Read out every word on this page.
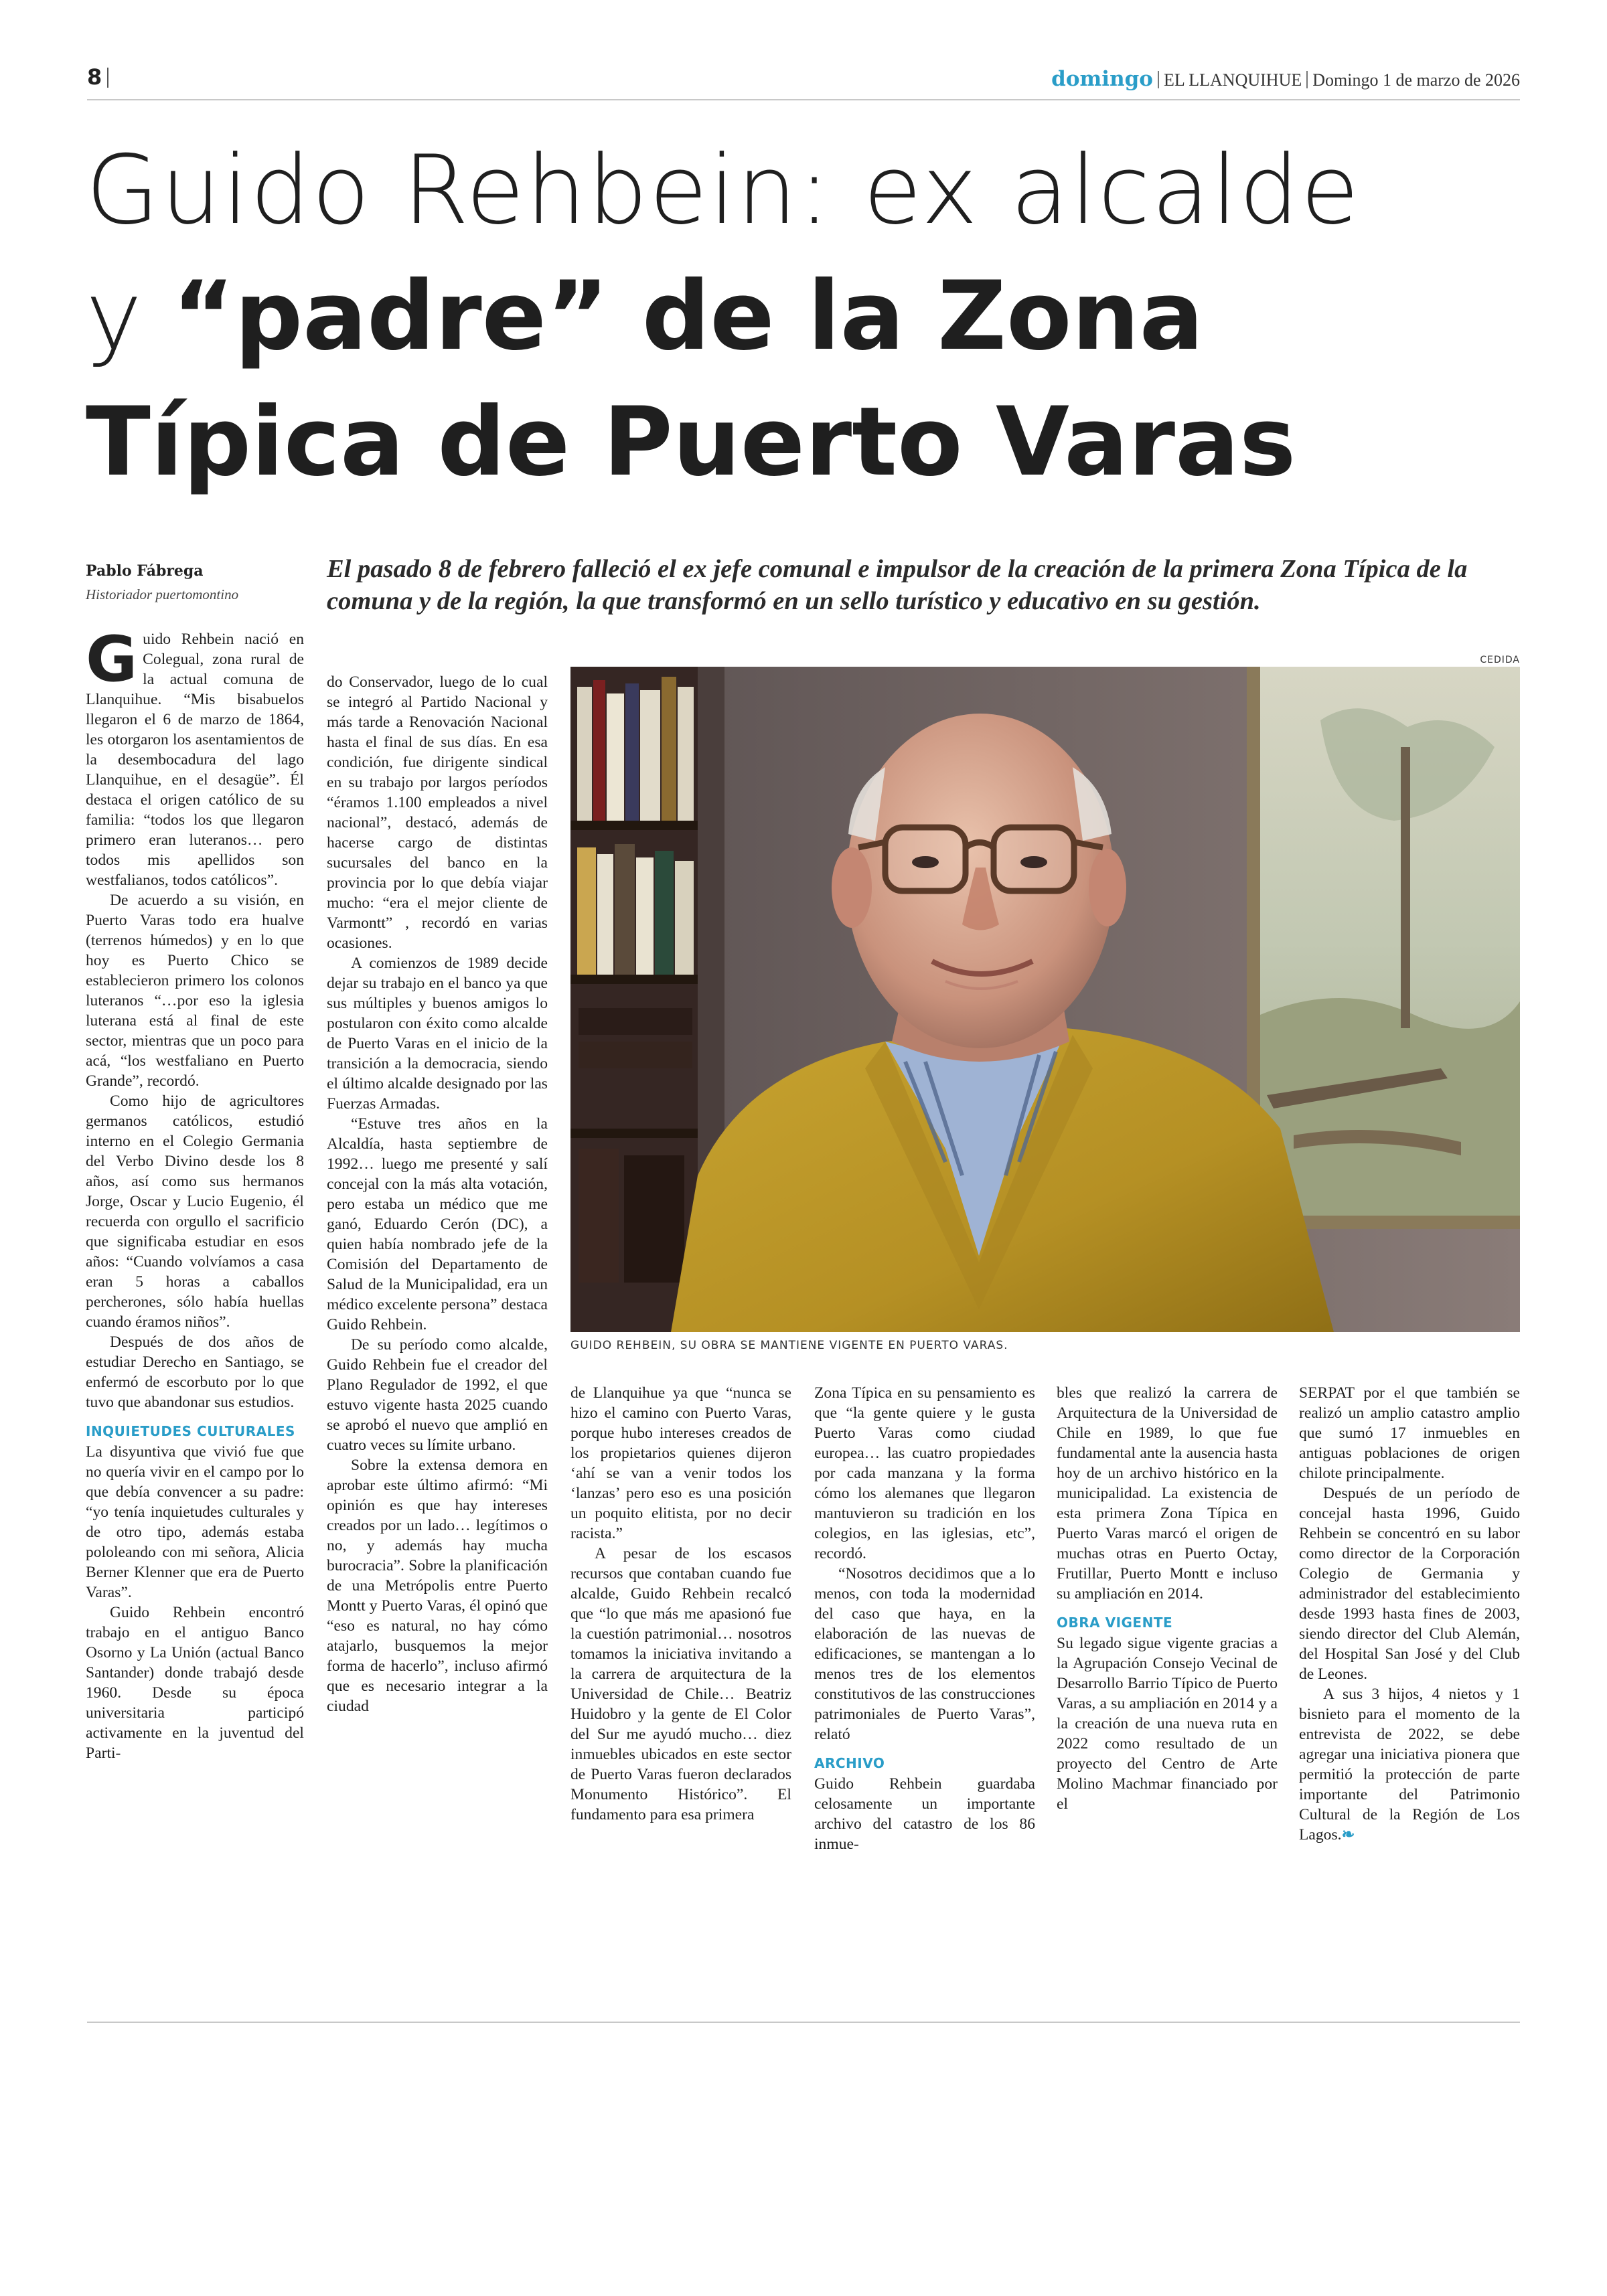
8	domingo EL LLANQUIHUE Domingo 1 de marzo de 2026
Guido Rehbein: ex alcalde
y “padre” de la Zona
Típica de Puerto Varas
Pablo Fábrega
Historiador puertomontino
El pasado 8 de febrero falleció el ex jefe comunal e impulsor de la creación de la primera Zona Típica de la comuna y de la región, la que transformó en un sello turístico y educativo en su gestión.
CEDIDA
GUIDO REHBEIN, SU OBRA SE MANTIENE VIGENTE EN PUERTO VARAS.
G uido Rehbein nació en Colegual, zona rural de la actual comuna de Llanquihue. “Mis bisabuelos llegaron el 6 de marzo de 1864, les otorgaron los asentamientos de la desembocadura del lago Llanquihue, en el desagüe”. Él destaca el origen católico de su familia: “todos los que llegaron primero eran luteranos… pero todos mis apellidos son westfalianos, todos católicos”.

De acuerdo a su visión, en Puerto Varas todo era hualve (terrenos húmedos) y en lo que hoy es Puerto Chico se establecieron primero los colonos luteranos “…por eso la iglesia luterana está al final de este sector, mientras que un poco para acá, “los westfaliano en Puerto Grande”, recordó.

Como hijo de agricultores germanos católicos, estudió interno en el Colegio Germania del Verbo Divino desde los 8 años, así como sus hermanos Jorge, Oscar y Lucio Eugenio, él recuerda con orgullo el sacrificio que significaba estudiar en esos años: “Cuando volvíamos a casa eran 5 horas a caballos percherones, sólo había huellas cuando éramos niños”.

Después de dos años de estudiar Derecho en Santiago, se enfermó de escorbuto por lo que tuvo que abandonar sus estudios.

INQUIETUDES CULTURALES

La disyuntiva que vivió fue que no quería vivir en el campo por lo que debía convencer a su padre: “yo tenía inquietudes culturales y de otro tipo, además estaba pololeando con mi señora, Alicia Berner Klenner que era de Puerto Varas”.

Guido Rehbein encontró trabajo en el antiguo Banco Osorno y La Unión (actual Banco Santander) donde trabajó desde 1960. Desde su época universitaria participó activamente en la juventud del Parti-

do Conservador, luego de lo cual se integró al Partido Nacional y más tarde a Renovación Nacional hasta el final de sus días. En esa condición, fue dirigente sindical en su trabajo por largos períodos “éramos 1.100 empleados a nivel nacional”, destacó, además de hacerse cargo de distintas sucursales del banco en la provincia por lo que debía viajar mucho: “era el mejor cliente de Varmontt” , recordó en varias ocasiones.

A comienzos de 1989 decide dejar su trabajo en el banco ya que sus múltiples y buenos amigos lo postularon con éxito como alcalde de Puerto Varas en el inicio de la transición a la democracia, siendo el último alcalde designado por las Fuerzas Armadas.

“Estuve tres años en la Alcaldía, hasta septiembre de 1992… luego me presenté y salí concejal con la más alta votación, pero estaba un médico que me ganó, Eduardo Cerón (DC), a quien había nombrado jefe de la Comisión del Departamento de Salud de la Municipalidad, era un médico excelente persona” destaca Guido Rehbein.

De su período como alcalde, Guido Rehbein fue el creador del Plano Regulador de 1992, el que estuvo vigente hasta 2025 cuando se aprobó el nuevo que amplió en cuatro veces su límite urbano.

Sobre la extensa demora en aprobar este último afirmó: “Mi opinión es que hay intereses creados por un lado… legítimos o no, y además hay mucha burocracia”. Sobre la planificación de una Metrópolis entre Puerto Montt y Puerto Varas, él opinó que “eso es natural, no hay cómo atajarlo, busquemos la mejor forma de hacerlo”, incluso afirmó que es necesario integrar a la ciudad

de Llanquihue ya que “nunca se hizo el camino con Puerto Varas, porque hubo intereses creados de los propietarios quienes dijeron ‘ahí se van a venir todos los ‘lanzas’ pero eso es una posición un poquito elitista, por no decir racista.”

A pesar de los escasos recursos que contaban cuando fue alcalde, Guido Rehbein recalcó que “lo que más me apasionó fue la cuestión patrimonial… nosotros tomamos la iniciativa invitando a la carrera de arquitectura de la Universidad de Chile… Beatriz Huidobro y la gente de El Color del Sur me ayudó mucho… diez inmuebles ubicados en este sector de Puerto Varas fueron declarados Monumento Histórico”. El fundamento para esa primera

Zona Típica en su pensamiento es que “la gente quiere y le gusta Puerto Varas como ciudad europea… las cuatro propiedades por cada manzana y la forma cómo los alemanes que llegaron mantuvieron su tradición en los colegios, en las iglesias, etc”, recordó.

“Nosotros decidimos que a lo menos, con toda la modernidad del caso que haya, en la elaboración de las nuevas de edificaciones, se mantengan a lo menos tres de los elementos constitutivos de las construcciones patrimoniales de Puerto Varas”, relató

ARCHIVO

Guido Rehbein guardaba celosamente un importante archivo del catastro de los 86 inmue-

bles que realizó la carrera de Arquitectura de la Universidad de Chile en 1989, lo que fue fundamental ante la ausencia hasta hoy de un archivo histórico en la municipalidad. La existencia de esta primera Zona Típica en Puerto Varas marcó el origen de muchas otras en Puerto Octay, Frutillar, Puerto Montt e incluso su ampliación en 2014.

OBRA VIGENTE

Su legado sigue vigente gracias a la Agrupación Consejo Vecinal de Desarrollo Barrio Típico de Puerto Varas, a su ampliación en 2014 y a la creación de una nueva ruta en 2022 como resultado de un proyecto del Centro de Arte Molino Machmar financiado por el

SERPAT por el que también se realizó un amplio catastro amplio que sumó 17 inmuebles en antiguas poblaciones de origen chilote principalmente.

Después de un período de concejal hasta 1996, Guido Rehbein se concentró en su labor como director de la Corporación Colegio de Germania y administrador del establecimiento desde 1993 hasta fines de 2003, siendo director del Club Alemán, del Hospital San José y del Club de Leones.

A sus 3 hijos, 4 nietos y 1 bisnieto para el momento de la entrevista de 2022, se debe agregar una iniciativa pionera que permitió la protección de parte importante del Patrimonio Cultural de la Región de Los Lagos.❧
